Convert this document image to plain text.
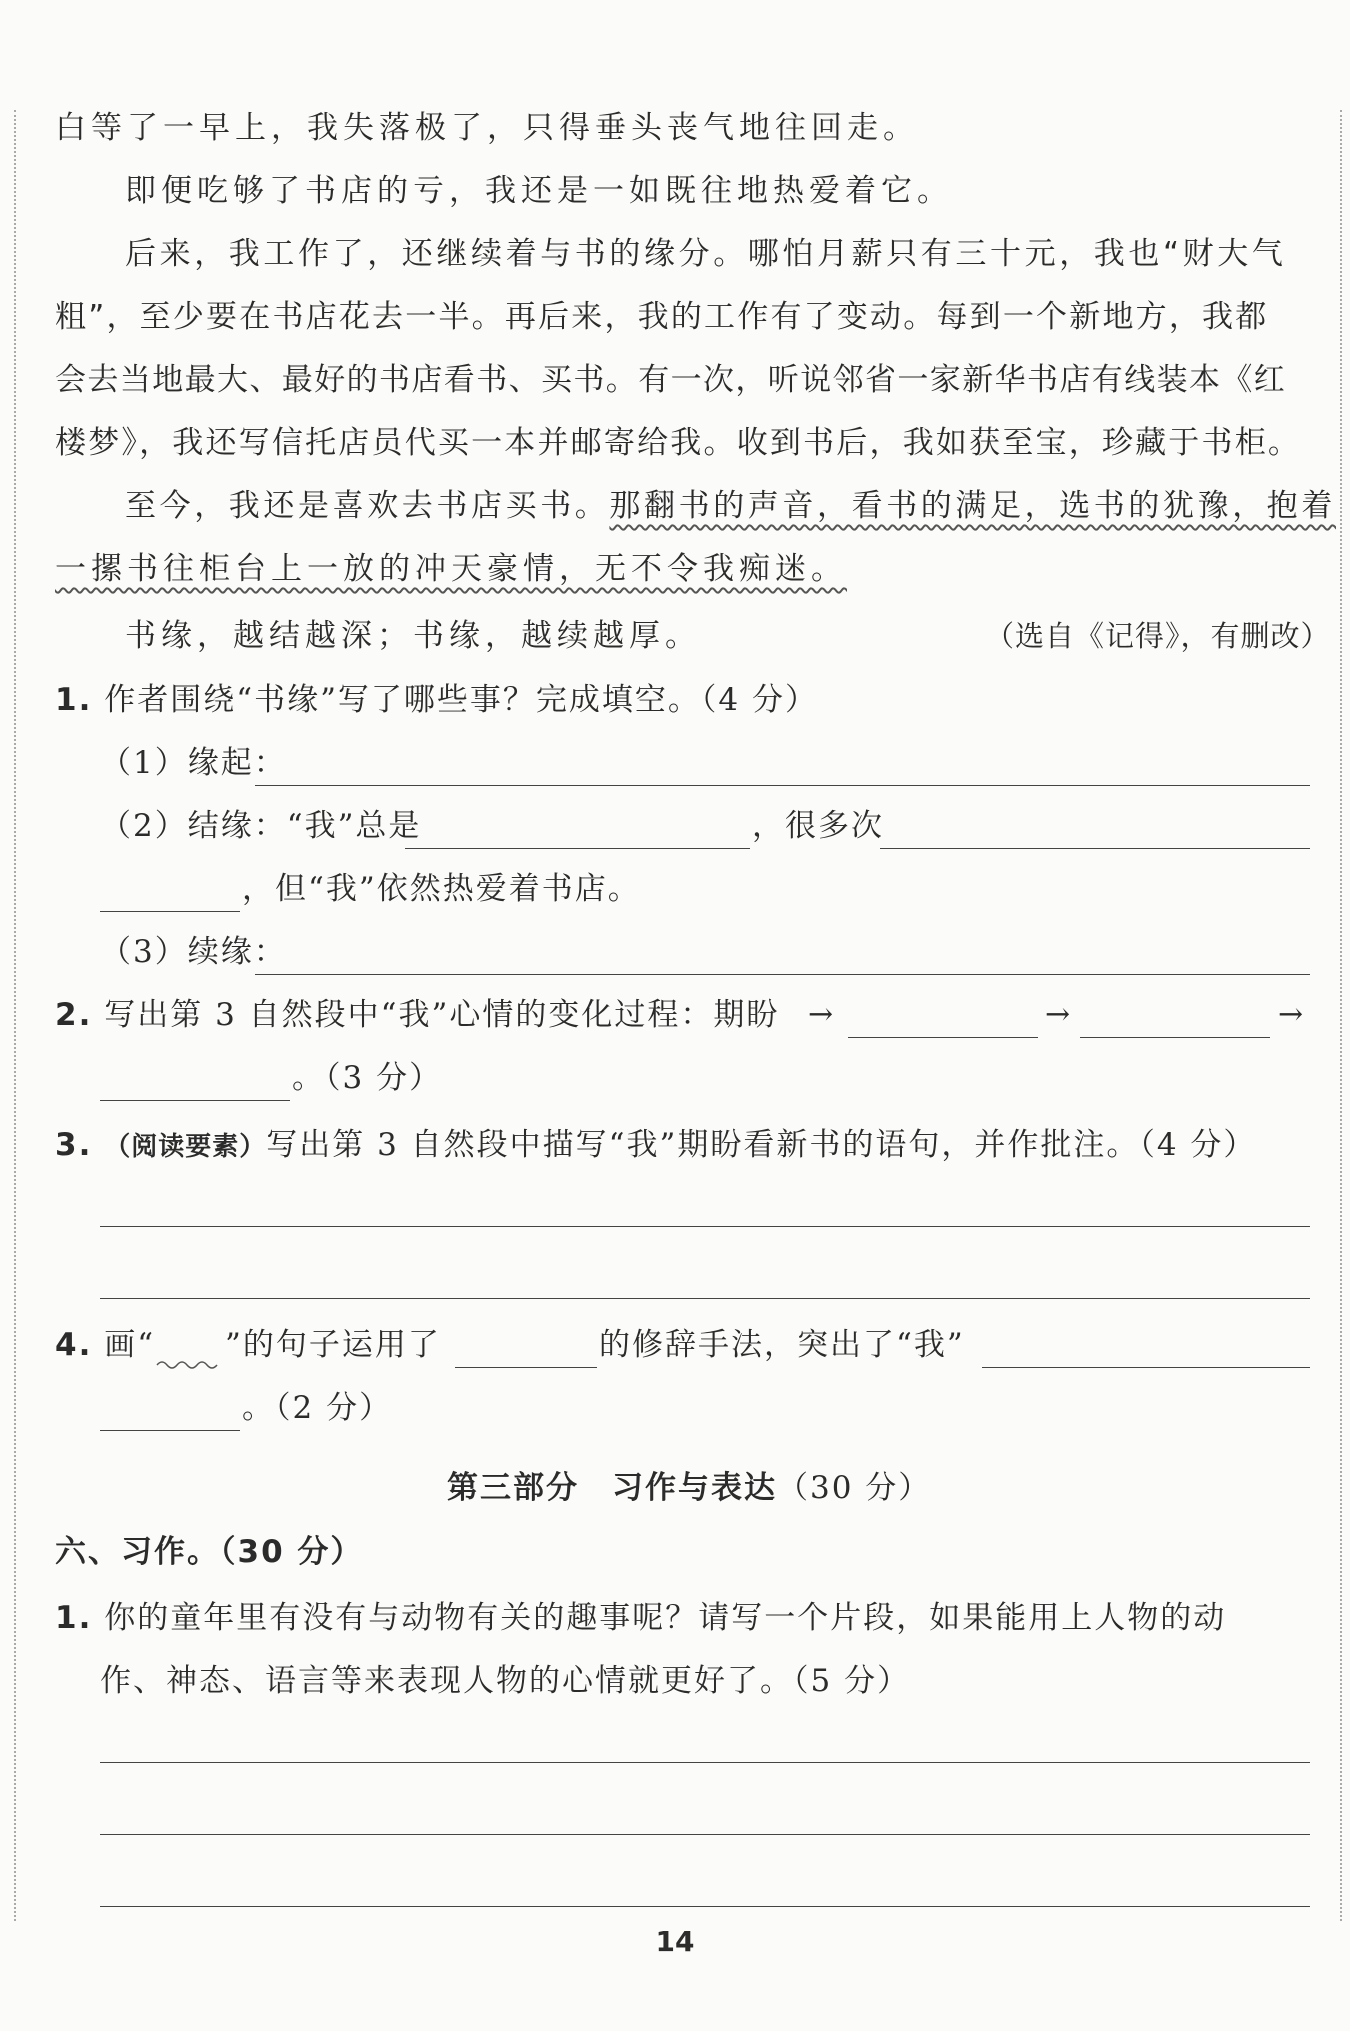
白等了一早上，我失落极了，只得垂头丧气地往回走。
即便吃够了书店的亏，我还是一如既往地热爱着它。
后来，我工作了，还继续着与书的缘分。哪怕月薪只有三十元，我也“财大气
粗”，至少要在书店花去一半。再后来，我的工作有了变动。每到一个新地方，我都
会去当地最大、最好的书店看书、买书。有一次，听说邻省一家新华书店有线装本《红
楼梦》，我还写信托店员代买一本并邮寄给我。收到书后，我如获至宝，珍藏于书柜。
至今，我还是喜欢去书店买书。那翻书的声音，看书的满足，选书的犹豫，抱着
一摞书往柜台上一放的冲天豪情，无不令我痴迷。
书缘，越结越深；书缘，越续越厚。	（选自《记得》，有删改）
1. 作者围绕“书缘”写了哪些事？完成填空。（4 分）
（1）缘起：
（2）结缘：“我”总是	，很多次
，但“我”依然热爱着书店。
（3）续缘：
2. 写出第 3 自然段中“我”心情的变化过程：期盼 →	→	→
。（3 分）
3. （阅读要素）写出第 3 自然段中描写“我”期盼看新书的语句，并作批注。（4 分）
4. 画“ ”的句子运用了	的修辞手法，突出了“我”
。（2 分）
第三部分　习作与表达（30 分）
六、习作。（30 分）
1. 你的童年里有没有与动物有关的趣事呢？请写一个片段，如果能用上人物的动
作、神态、语言等来表现人物的心情就更好了。（5 分）
14
